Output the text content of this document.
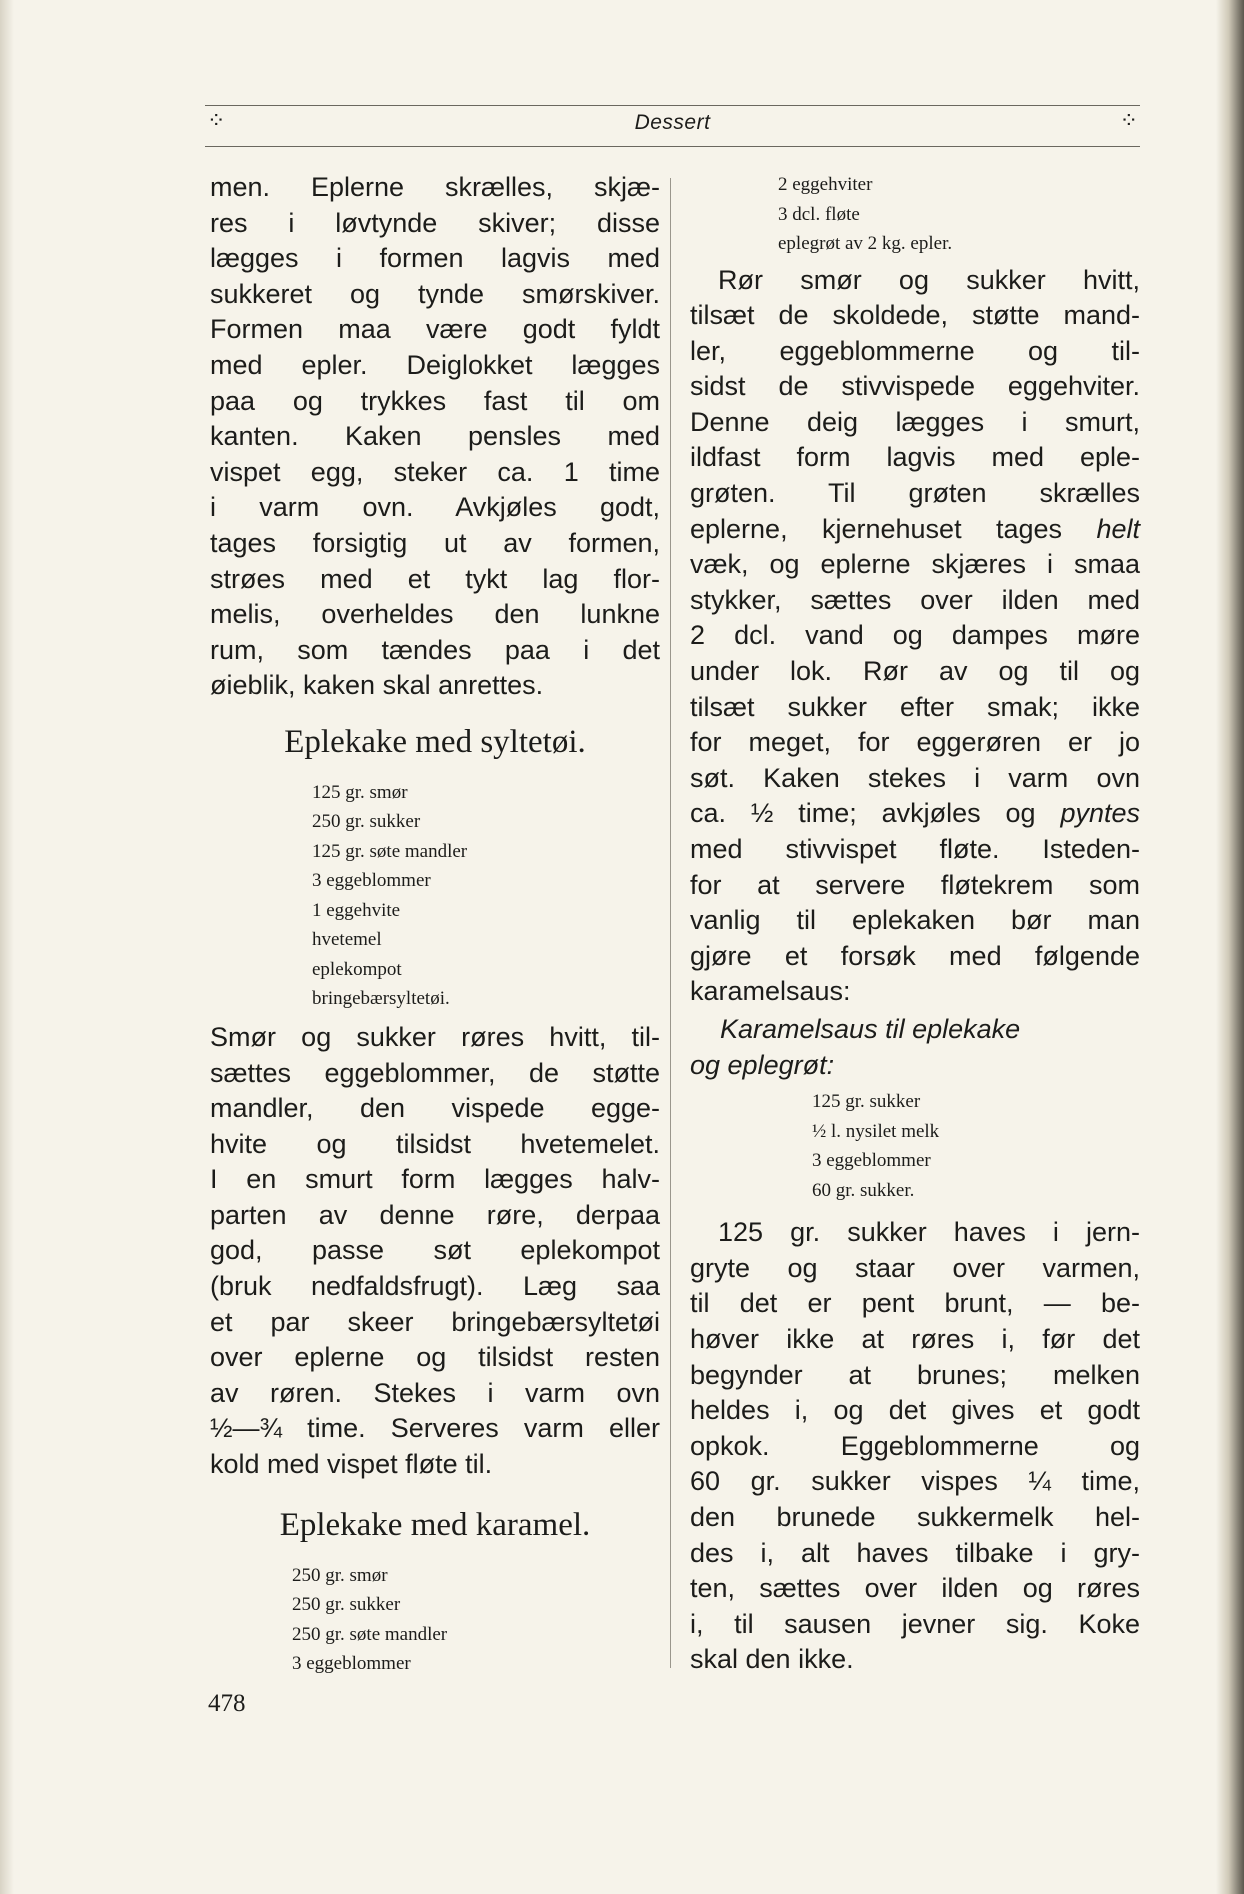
⁘	Dessert	⁘
men. Eplerne skrælles, skjæ-
res i løvtynde skiver; disse
lægges i formen lagvis med
sukkeret og tynde smørskiver.
Formen maa være godt fyldt
med epler. Deiglokket lægges
paa og trykkes fast til om
kanten. Kaken pensles med
vispet egg, steker ca. 1 time
i varm ovn. Avkjøles godt,
tages forsigtig ut av formen,
strøes med et tykt lag flor-
melis, overheldes den lunkne
rum, som tændes paa i det
øieblik, kaken skal anrettes.
Eplekake med syltetøi.
125 gr. smør
250 gr. sukker
125 gr. søte mandler
3 eggeblommer
1 eggehvite
hvetemel
eplekompot
bringebærsyltetøi.
Smør og sukker røres hvitt, til-
sættes eggeblommer, de støtte
mandler, den vispede egge-
hvite og tilsidst hvetemelet.
I en smurt form lægges halv-
parten av denne røre, derpaa
god, passe søt eplekompot
(bruk nedfaldsfrugt). Læg saa
et par skeer bringebærsyltetøi
over eplerne og tilsidst resten
av røren. Stekes i varm ovn
½—¾ time. Serveres varm eller
kold med vispet fløte til.
Eplekake med karamel.
250 gr. smør
250 gr. sukker
250 gr. søte mandler
3 eggeblommer
2 eggehviter
3 dcl. fløte
eplegrøt av 2 kg. epler.
Rør smør og sukker hvitt,
tilsæt de skoldede, støtte mand-
ler, eggeblommerne og til-
sidst de stivvispede eggehviter.
Denne deig lægges i smurt,
ildfast form lagvis med eple-
grøten. Til grøten skrælles
eplerne, kjernehuset tages helt
væk, og eplerne skjæres i smaa
stykker, sættes over ilden med
2 dcl. vand og dampes møre
under lok. Rør av og til og
tilsæt sukker efter smak; ikke
for meget, for eggerøren er jo
søt. Kaken stekes i varm ovn
ca. ½ time; avkjøles og pyntes
med stivvispet fløte. Isteden-
for at servere fløtekrem som
vanlig til eplekaken bør man
gjøre et forsøk med følgende
karamelsaus:
Karamelsaus til eplekake
og eplegrøt:
125 gr. sukker
½ l. nysilet melk
3 eggeblommer
60 gr. sukker.
125 gr. sukker haves i jern-
gryte og staar over varmen,
til det er pent brunt, — be-
høver ikke at røres i, før det
begynder at brunes; melken
heldes i, og det gives et godt
opkok. Eggeblommerne og
60 gr. sukker vispes ¼ time,
den brunede sukkermelk hel-
des i, alt haves tilbake i gry-
ten, sættes over ilden og røres
i, til sausen jevner sig. Koke
skal den ikke.
478
